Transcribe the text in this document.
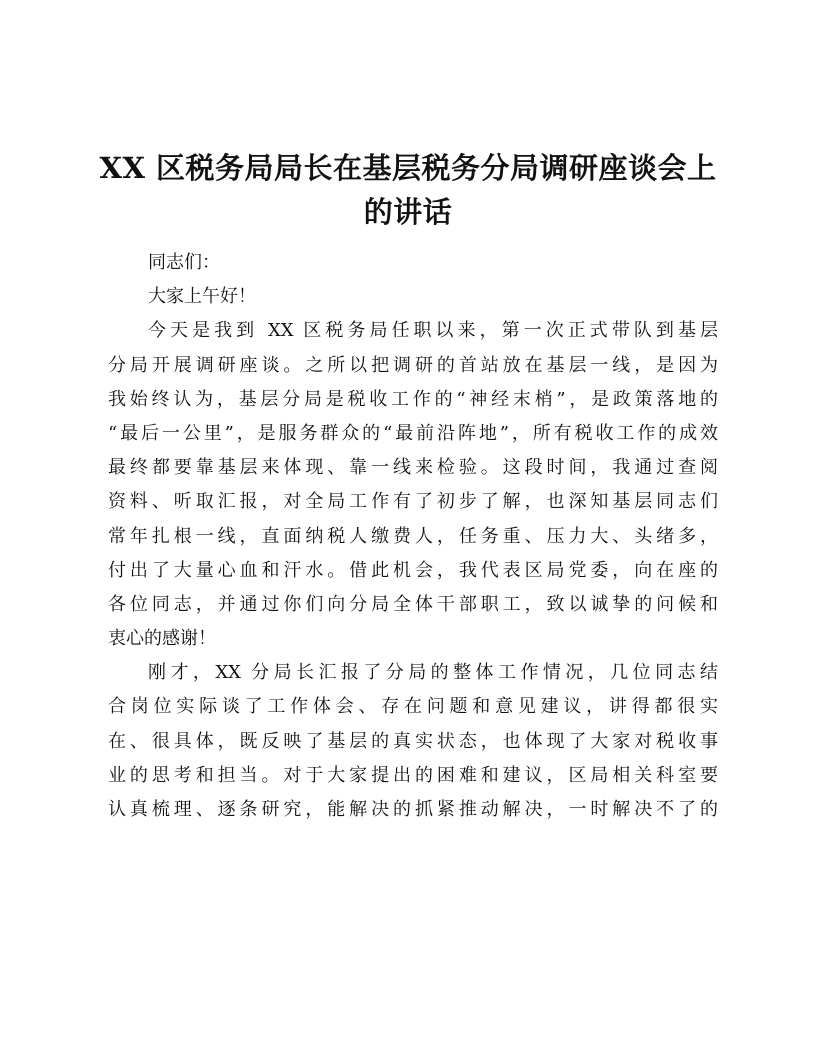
XX 区税务局局长在基层税务分局调研座谈会上
的讲话
同志们：
大家上午好！
今天是我到 XX 区税务局任职以来，第一次正式带队到基层
分局开展调研座谈。之所以把调研的首站放在基层一线，是因为
我始终认为，基层分局是税收工作的“神经末梢”，是政策落地的
“最后一公里”，是服务群众的“最前沿阵地”，所有税收工作的成效
最终都要靠基层来体现、靠一线来检验。这段时间，我通过查阅
资料、听取汇报，对全局工作有了初步了解，也深知基层同志们
常年扎根一线，直面纳税人缴费人，任务重、压力大、头绪多，
付出了大量心血和汗水。借此机会，我代表区局党委，向在座的
各位同志，并通过你们向分局全体干部职工，致以诚挚的问候和
衷心的感谢！
刚才，XX 分局长汇报了分局的整体工作情况，几位同志结
合岗位实际谈了工作体会、存在问题和意见建议，讲得都很实
在、很具体，既反映了基层的真实状态，也体现了大家对税收事
业的思考和担当。对于大家提出的困难和建议，区局相关科室要
认真梳理、逐条研究，能解决的抓紧推动解决，一时解决不了的
